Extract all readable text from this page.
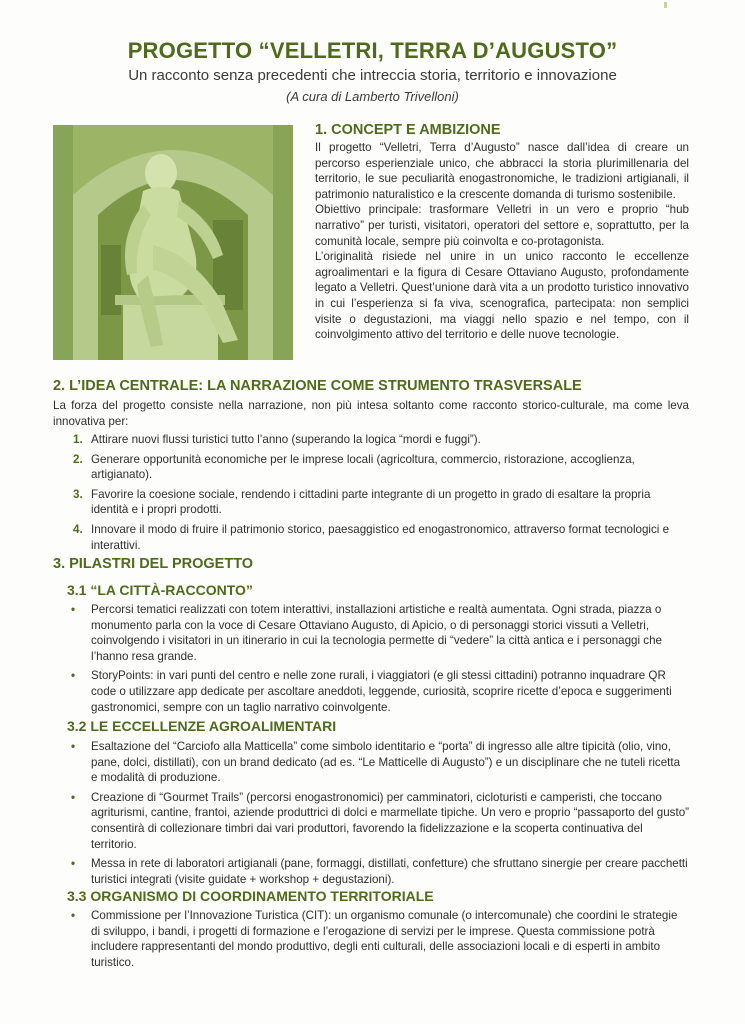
PROGETTO “VELLETRI, TERRA D’AUGUSTO”
Un racconto senza precedenti che intreccia storia, territorio e innovazione
(A cura di Lamberto Trivelloni)
1. CONCEPT E AMBIZIONE

Il progetto “Velletri, Terra d’Augusto” nasce dall’idea di creare un percorso esperienziale unico, che abbracci la storia plurimillenaria del territorio, le sue peculiarità enogastronomiche, le tradizioni artigianali, il patrimonio naturalistico e la crescente domanda di turismo sostenibile.

Obiettivo principale: trasformare Velletri in un vero e proprio “hub narrativo” per turisti, visitatori, operatori del settore e, soprattutto, per la comunità locale, sempre più coinvolta e co-protagonista.

L’originalità risiede nel unire in un unico racconto le eccellenze agroalimentari e la figura di Cesare Ottaviano Augusto, profondamente legato a Velletri. Quest’unione darà vita a un prodotto turistico innovativo in cui l’esperienza si fa viva, scenografica, partecipata: non semplici visite o degustazioni, ma viaggi nello spazio e nel tempo, con il coinvolgimento attivo del territorio e delle nuove tecnologie.

2. L’IDEA CENTRALE: LA NARRAZIONE COME STRUMENTO TRASVERSALE
La forza del progetto consiste nella narrazione, non più intesa soltanto come racconto storico-culturale, ma come leva innovativa per:
1. Attirare nuovi flussi turistici tutto l’anno (superando la logica “mordi e fuggi”).
2. Generare opportunità economiche per le imprese locali (agricoltura, commercio, ristorazione, accoglienza, artigianato).
3. Favorire la coesione sociale, rendendo i cittadini parte integrante di un progetto in grado di esaltare la propria identità e i propri prodotti.
4. Innovare il modo di fruire il patrimonio storico, paesaggistico ed enogastronomico, attraverso format tecnologici e interattivi.
3. PILASTRI DEL PROGETTO
3.1 “LA CITTÀ-RACCONTO”
• Percorsi tematici realizzati con totem interattivi, installazioni artistiche e realtà aumentata. Ogni strada, piazza o monumento parla con la voce di Cesare Ottaviano Augusto, di Apicio, o di personaggi storici vissuti a Velletri, coinvolgendo i visitatori in un itinerario in cui la tecnologia permette di “vedere” la città antica e i personaggi che l’hanno resa grande.
• StoryPoints: in vari punti del centro e nelle zone rurali, i viaggiatori (e gli stessi cittadini) potranno inquadrare QR code o utilizzare app dedicate per ascoltare aneddoti, leggende, curiosità, scoprire ricette d’epoca e suggerimenti gastronomici, sempre con un taglio narrativo coinvolgente.
3.2 LE ECCELLENZE AGROALIMENTARI
• Esaltazione del “Carciofo alla Matticella” come simbolo identitario e “porta” di ingresso alle altre tipicità (olio, vino, pane, dolci, distillati), con un brand dedicato (ad es. “Le Matticelle di Augusto”) e un disciplinare che ne tuteli ricetta e modalità di produzione.
• Creazione di “Gourmet Trails” (percorsi enogastronomici) per camminatori, cicloturisti e camperisti, che toccano agriturismi, cantine, frantoi, aziende produttrici di dolci e marmellate tipiche. Un vero e proprio “passaporto del gusto” consentirà di collezionare timbri dai vari produttori, favorendo la fidelizzazione e la scoperta continuativa del territorio.
• Messa in rete di laboratori artigianali (pane, formaggi, distillati, confetture) che sfruttano sinergie per creare pacchetti turistici integrati (visite guidate + workshop + degustazioni).
3.3 ORGANISMO DI COORDINAMENTO TERRITORIALE
• Commissione per l’Innovazione Turistica (CIT): un organismo comunale (o intercomunale) che coordini le strategie di sviluppo, i bandi, i progetti di formazione e l’erogazione di servizi per le imprese. Questa commissione potrà includere rappresentanti del mondo produttivo, degli enti culturali, delle associazioni locali e di esperti in ambito turistico.
